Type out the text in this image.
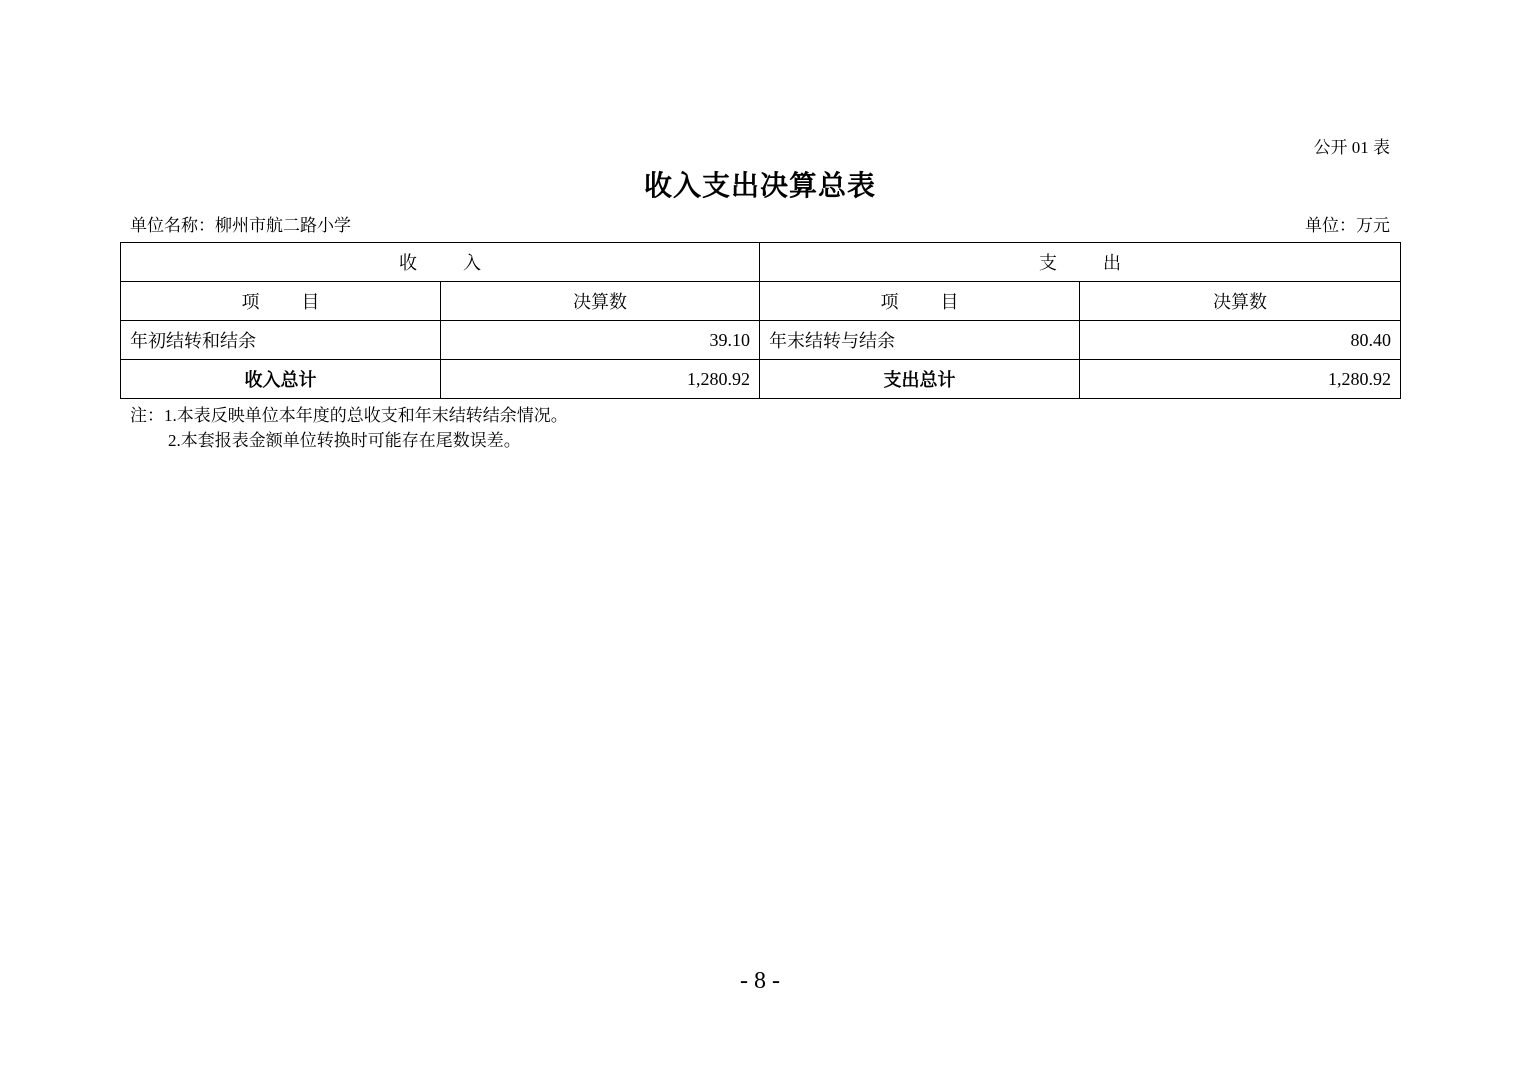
公开 01 表
收入支出决算总表
单位名称：柳州市航二路小学	单位：万元
收 入		支 出	
项 目	决算数	项 目	决算数
年初结转和结余	39.10	年末结转与结余	80.40
收入总计	1,280.92	支出总计	1,280.92
注：1.本表反映单位本年度的总收支和年末结转结余情况。
2.本套报表金额单位转换时可能存在尾数误差。
- 8 -
